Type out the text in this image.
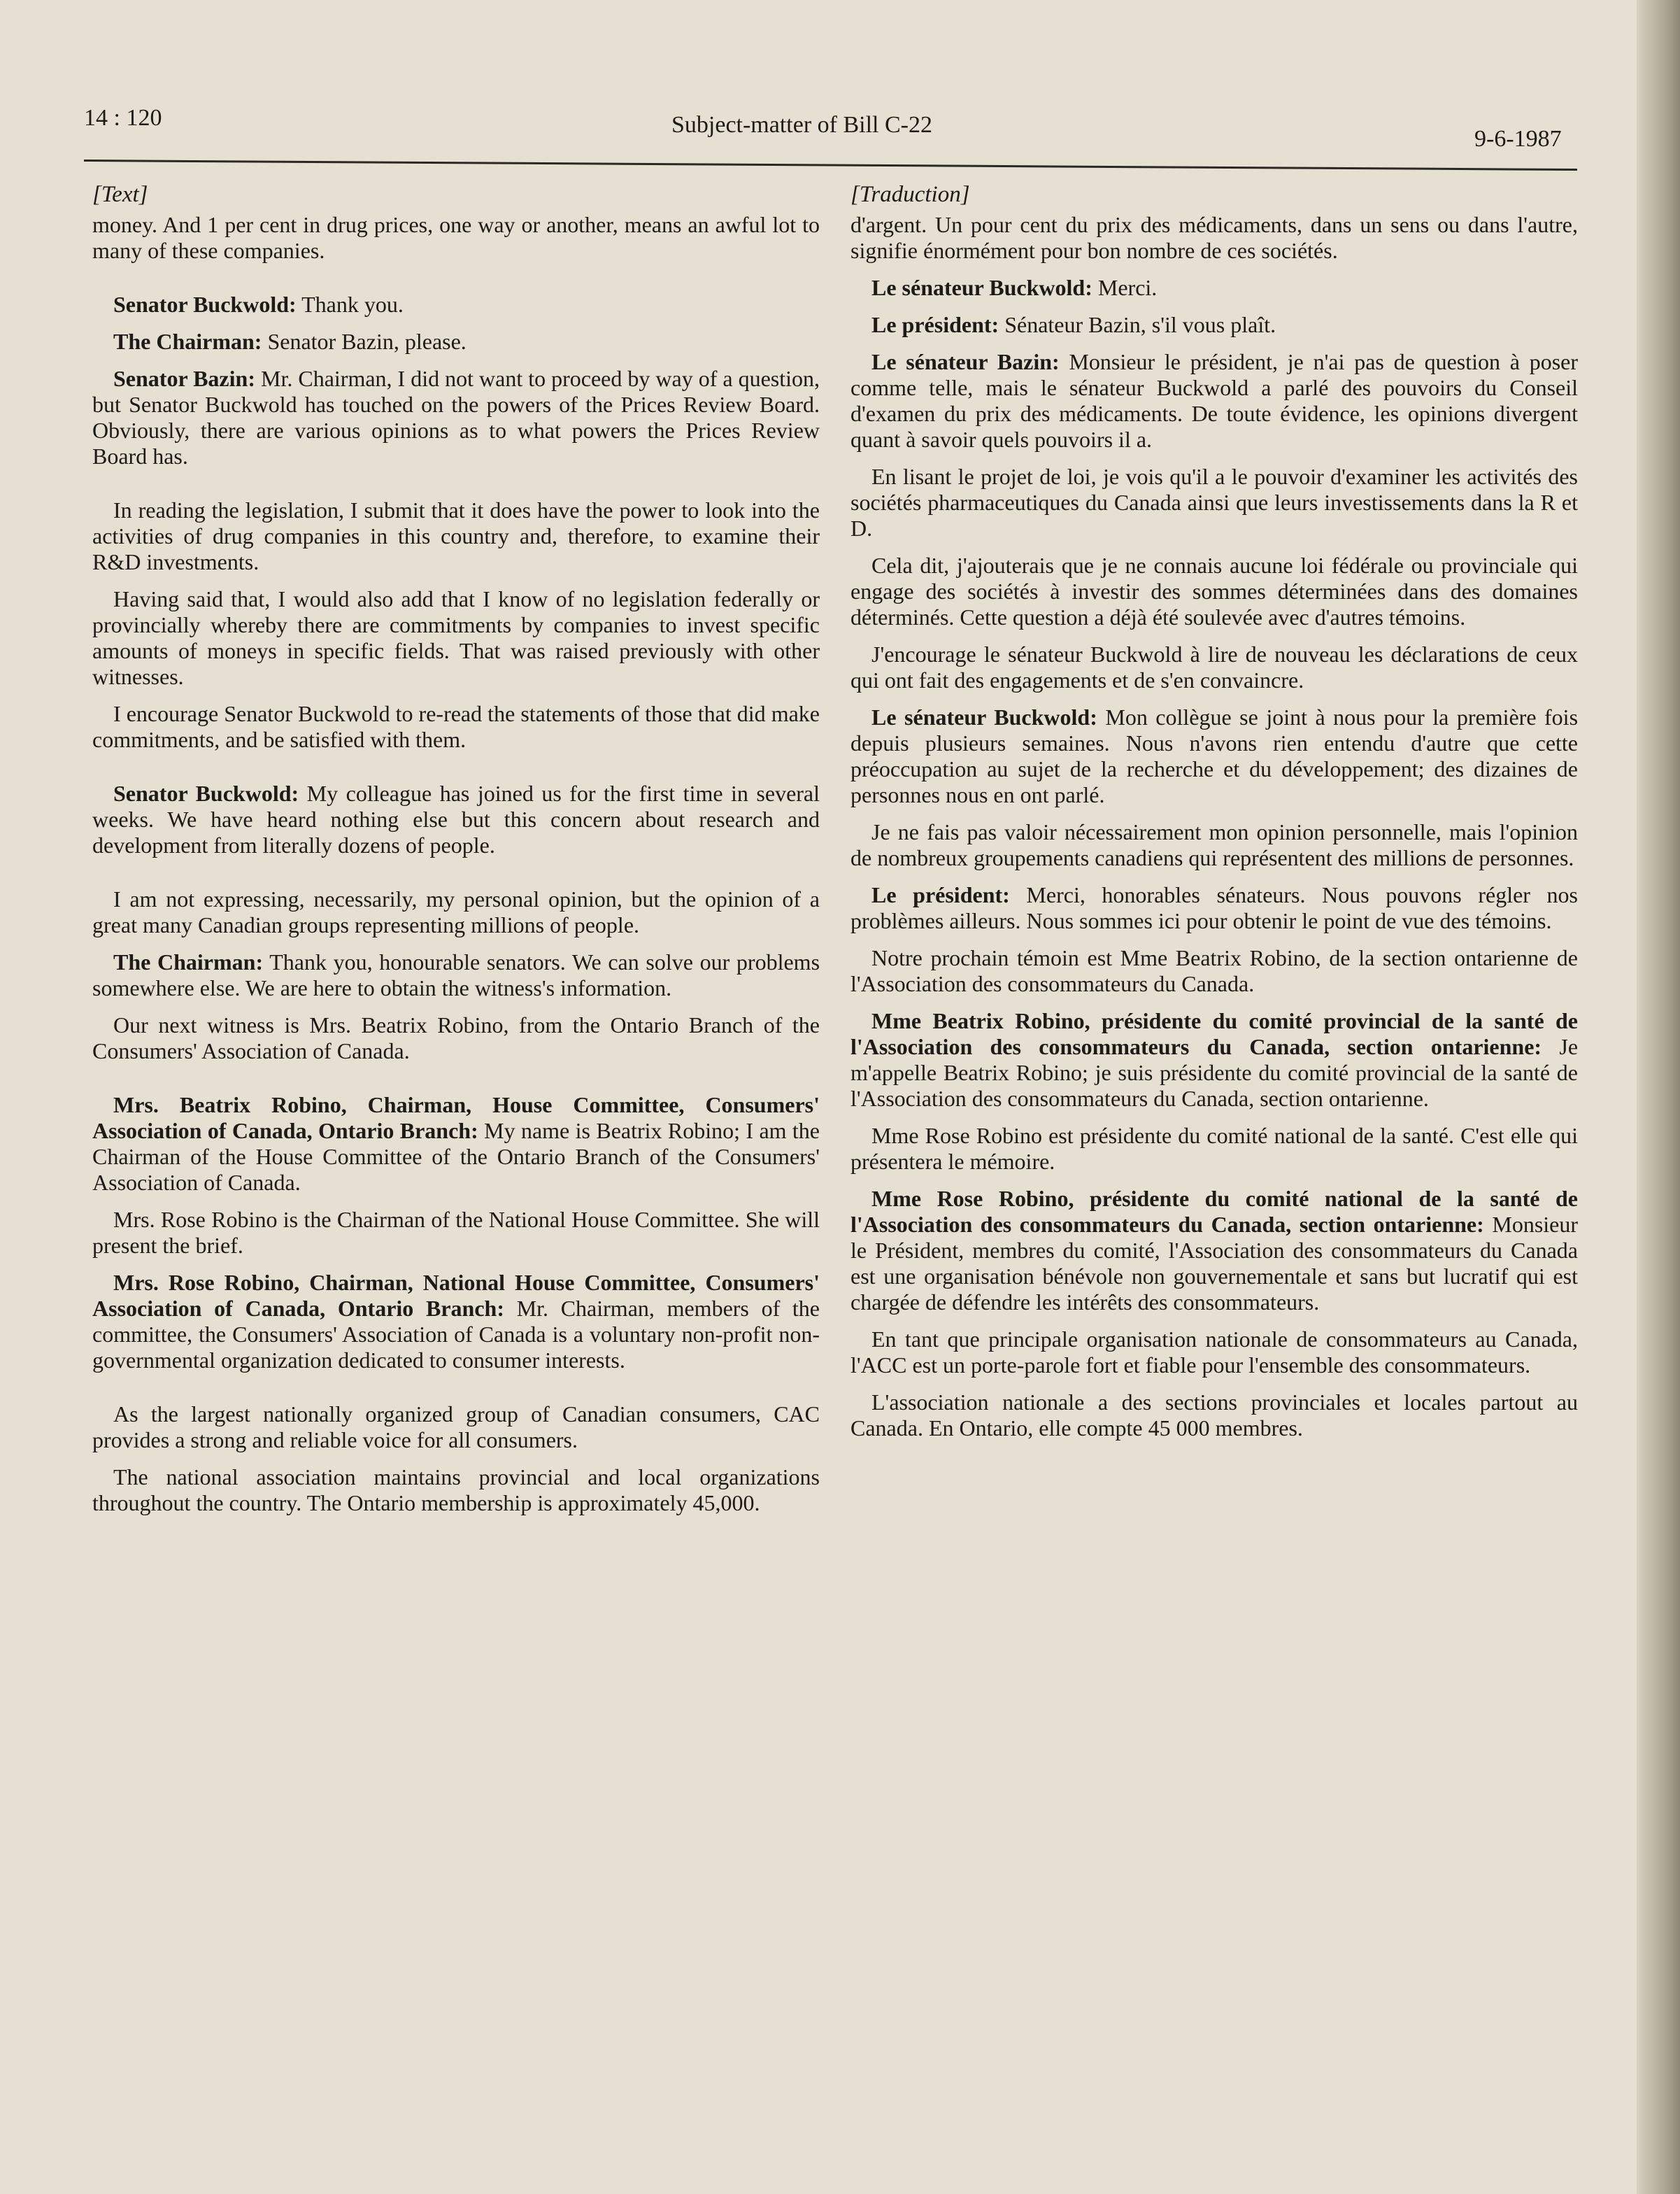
14 : 120	Subject-matter of Bill C-22
9-6-1987
[Text]

money. And 1 per cent in drug prices, one way or another, means an awful lot to many of these companies.

Senator Buckwold: Thank you.

The Chairman: Senator Bazin, please.

Senator Bazin: Mr. Chairman, I did not want to proceed by way of a question, but Senator Buckwold has touched on the powers of the Prices Review Board. Obviously, there are various opinions as to what powers the Prices Review Board has.

In reading the legislation, I submit that it does have the power to look into the activities of drug companies in this country and, therefore, to examine their R&D investments.

Having said that, I would also add that I know of no legislation federally or provincially whereby there are commitments by companies to invest specific amounts of moneys in specific fields. That was raised previously with other witnesses.

I encourage Senator Buckwold to re-read the statements of those that did make commitments, and be satisfied with them.

Senator Buckwold: My colleague has joined us for the first time in several weeks. We have heard nothing else but this concern about research and development from literally dozens of people.

I am not expressing, necessarily, my personal opinion, but the opinion of a great many Canadian groups representing millions of people.

The Chairman: Thank you, honourable senators. We can solve our problems somewhere else. We are here to obtain the witness's information.

Our next witness is Mrs. Beatrix Robino, from the Ontario Branch of the Consumers' Association of Canada.

Mrs. Beatrix Robino, Chairman, House Committee, Consumers' Association of Canada, Ontario Branch: My name is Beatrix Robino; I am the Chairman of the House Committee of the Ontario Branch of the Consumers' Association of Canada.

Mrs. Rose Robino is the Chairman of the National House Committee. She will present the brief.

Mrs. Rose Robino, Chairman, National House Committee, Consumers' Association of Canada, Ontario Branch: Mr. Chairman, members of the committee, the Consumers' Association of Canada is a voluntary non-profit non-governmental organization dedicated to consumer interests.

As the largest nationally organized group of Canadian consumers, CAC provides a strong and reliable voice for all consumers.

The national association maintains provincial and local organizations throughout the country. The Ontario membership is approximately 45,000.

[Traduction]

d'argent. Un pour cent du prix des médicaments, dans un sens ou dans l'autre, signifie énormément pour bon nombre de ces sociétés.

Le sénateur Buckwold: Merci.

Le président: Sénateur Bazin, s'il vous plaît.

Le sénateur Bazin: Monsieur le président, je n'ai pas de question à poser comme telle, mais le sénateur Buckwold a parlé des pouvoirs du Conseil d'examen du prix des médicaments. De toute évidence, les opinions divergent quant à savoir quels pouvoirs il a.

En lisant le projet de loi, je vois qu'il a le pouvoir d'examiner les activités des sociétés pharmaceutiques du Canada ainsi que leurs investissements dans la R et D.

Cela dit, j'ajouterais que je ne connais aucune loi fédérale ou provinciale qui engage des sociétés à investir des sommes déterminées dans des domaines déterminés. Cette question a déjà été soulevée avec d'autres témoins.

J'encourage le sénateur Buckwold à lire de nouveau les déclarations de ceux qui ont fait des engagements et de s'en convaincre.

Le sénateur Buckwold: Mon collègue se joint à nous pour la première fois depuis plusieurs semaines. Nous n'avons rien entendu d'autre que cette préoccupation au sujet de la recherche et du développement; des dizaines de personnes nous en ont parlé.

Je ne fais pas valoir nécessairement mon opinion personnelle, mais l'opinion de nombreux groupements canadiens qui représentent des millions de personnes.

Le président: Merci, honorables sénateurs. Nous pouvons régler nos problèmes ailleurs. Nous sommes ici pour obtenir le point de vue des témoins.

Notre prochain témoin est Mme Beatrix Robino, de la section ontarienne de l'Association des consommateurs du Canada.

Mme Beatrix Robino, présidente du comité provincial de la santé de l'Association des consommateurs du Canada, section ontarienne: Je m'appelle Beatrix Robino; je suis présidente du comité provincial de la santé de l'Association des consommateurs du Canada, section ontarienne.

Mme Rose Robino est présidente du comité national de la santé. C'est elle qui présentera le mémoire.

Mme Rose Robino, présidente du comité national de la santé de l'Association des consommateurs du Canada, section ontarienne: Monsieur le Président, membres du comité, l'Association des consommateurs du Canada est une organisation bénévole non gouvernementale et sans but lucratif qui est chargée de défendre les intérêts des consommateurs.

En tant que principale organisation nationale de consommateurs au Canada, l'ACC est un porte-parole fort et fiable pour l'ensemble des consommateurs.

L'association nationale a des sections provinciales et locales partout au Canada. En Ontario, elle compte 45 000 membres.
